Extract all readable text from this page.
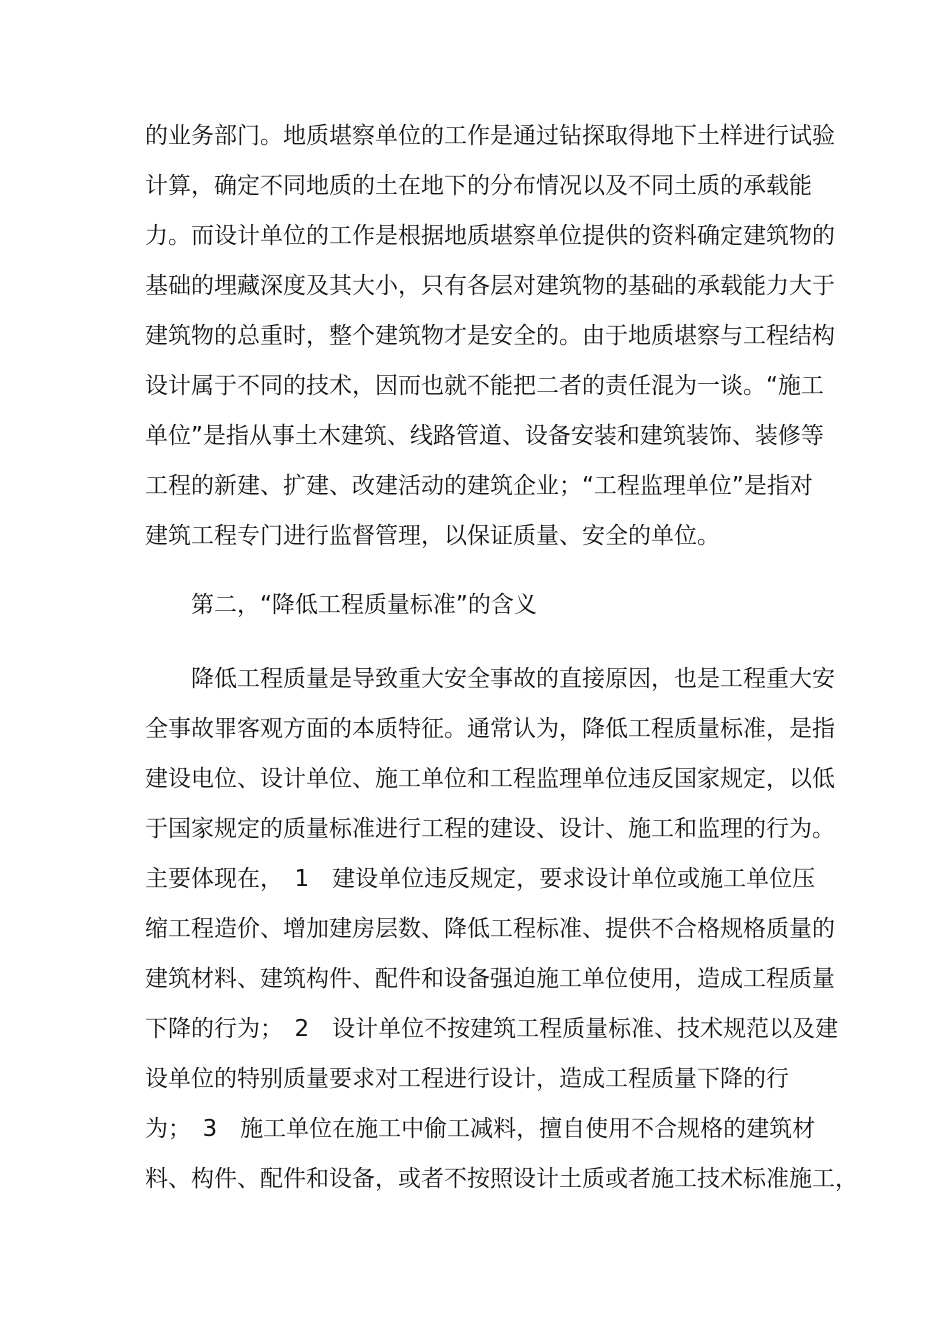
的业务部门。地质堪察单位的工作是通过钻探取得地下土样进行试验
计算，确定不同地质的土在地下的分布情况以及不同土质的承载能
力。而设计单位的工作是根据地质堪察单位提供的资料确定建筑物的
基础的埋藏深度及其大小，只有各层对建筑物的基础的承载能力大于
建筑物的总重时，整个建筑物才是安全的。由于地质堪察与工程结构
设计属于不同的技术，因而也就不能把二者的责任混为一谈。“施工
单位”是指从事土木建筑、线路管道、设备安装和建筑装饰、装修等
工程的新建、扩建、改建活动的建筑企业；“工程监理单位”是指对
建筑工程专门进行监督管理，以保证质量、安全的单位。
第二，“降低工程质量标准”的含义
降低工程质量是导致重大安全事故的直接原因，也是工程重大安
全事故罪客观方面的本质特征。通常认为，降低工程质量标准，是指
建设电位、设计单位、施工单位和工程监理单位违反国家规定，以低
于国家规定的质量标准进行工程的建设、设计、施工和监理的行为。
主要体现在，　1　建设单位违反规定，要求设计单位或施工单位压
缩工程造价、增加建房层数、降低工程标准、提供不合格规格质量的
建筑材料、建筑构件、配件和设备强迫施工单位使用，造成工程质量
下降的行为；　2　设计单位不按建筑工程质量标准、技术规范以及建
设单位的特别质量要求对工程进行设计，造成工程质量下降的行
为；　3　施工单位在施工中偷工减料，擅自使用不合规格的建筑材
料、构件、配件和设备，或者不按照设计土质或者施工技术标准施工，
